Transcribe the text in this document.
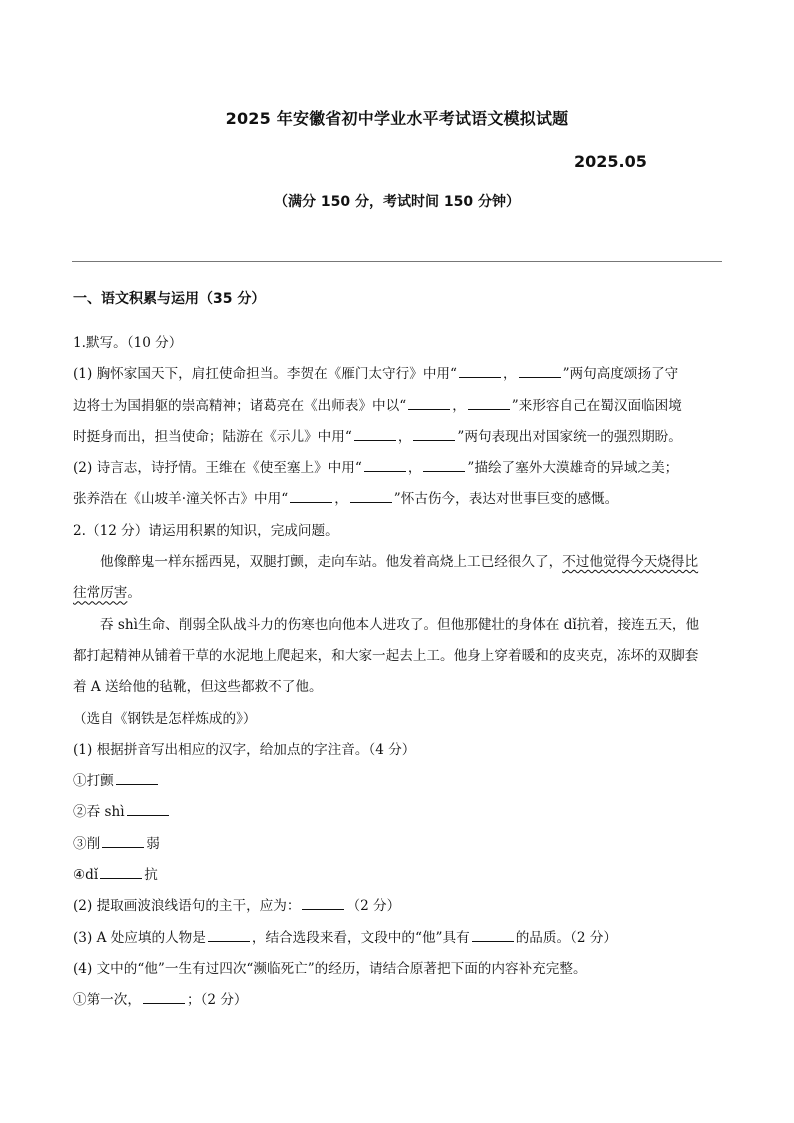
2025 年安徽省初中学业水平考试语文模拟试题
2025.05
（满分 150 分，考试时间 150 分钟）
一、语文积累与运用（35 分）
1.默写。（10 分）
(1) 胸怀家国天下，肩扛使命担当。李贺在《雁门太守行》中用“	，	”两句高度颂扬了守
边将士为国捐躯的崇高精神；诸葛亮在《出师表》中以“	，	”来形容自己在蜀汉面临困境
时挺身而出，担当使命；陆游在《示儿》中用“	，	”两句表现出对国家统一的强烈期盼。
(2) 诗言志，诗抒情。王维在《使至塞上》中用“	，	”描绘了塞外大漠雄奇的异域之美；
张养浩在《山坡羊·潼关怀古》中用“	，	”怀古伤今，表达对世事巨变的感慨。
2.（12 分）请运用积累的知识，完成问题。
他像醉鬼一样东摇西晃，双腿打颤，走向车站。他发着高烧上工已经很久了，不过他觉得今天烧得比
往常厉害。
吞 shì生命、削弱全队战斗力的伤寒也向他本人进攻了。但他那健壮的身体在 dǐ抗着，接连五天，他
都打起精神从铺着干草的水泥地上爬起来，和大家一起去上工。他身上穿着暖和的皮夹克，冻坏的双脚套
着 A 送给他的毡靴，但这些都救不了他。
（选自《钢铁是怎样炼成的》）
(1) 根据拼音写出相应的汉字，给加点的字注音。（4 分）
①打颤
②吞 shì
③削	弱
④dǐ	抗
(2) 提取画波浪线语句的主干，应为：	（2 分）
(3) A 处应填的人物是	，结合选段来看，文段中的“他”具有	的品质。（2 分）
(4) 文中的“他”一生有过四次“濒临死亡”的经历，请结合原著把下面的内容补充完整。
①第一次，	；（2 分）
